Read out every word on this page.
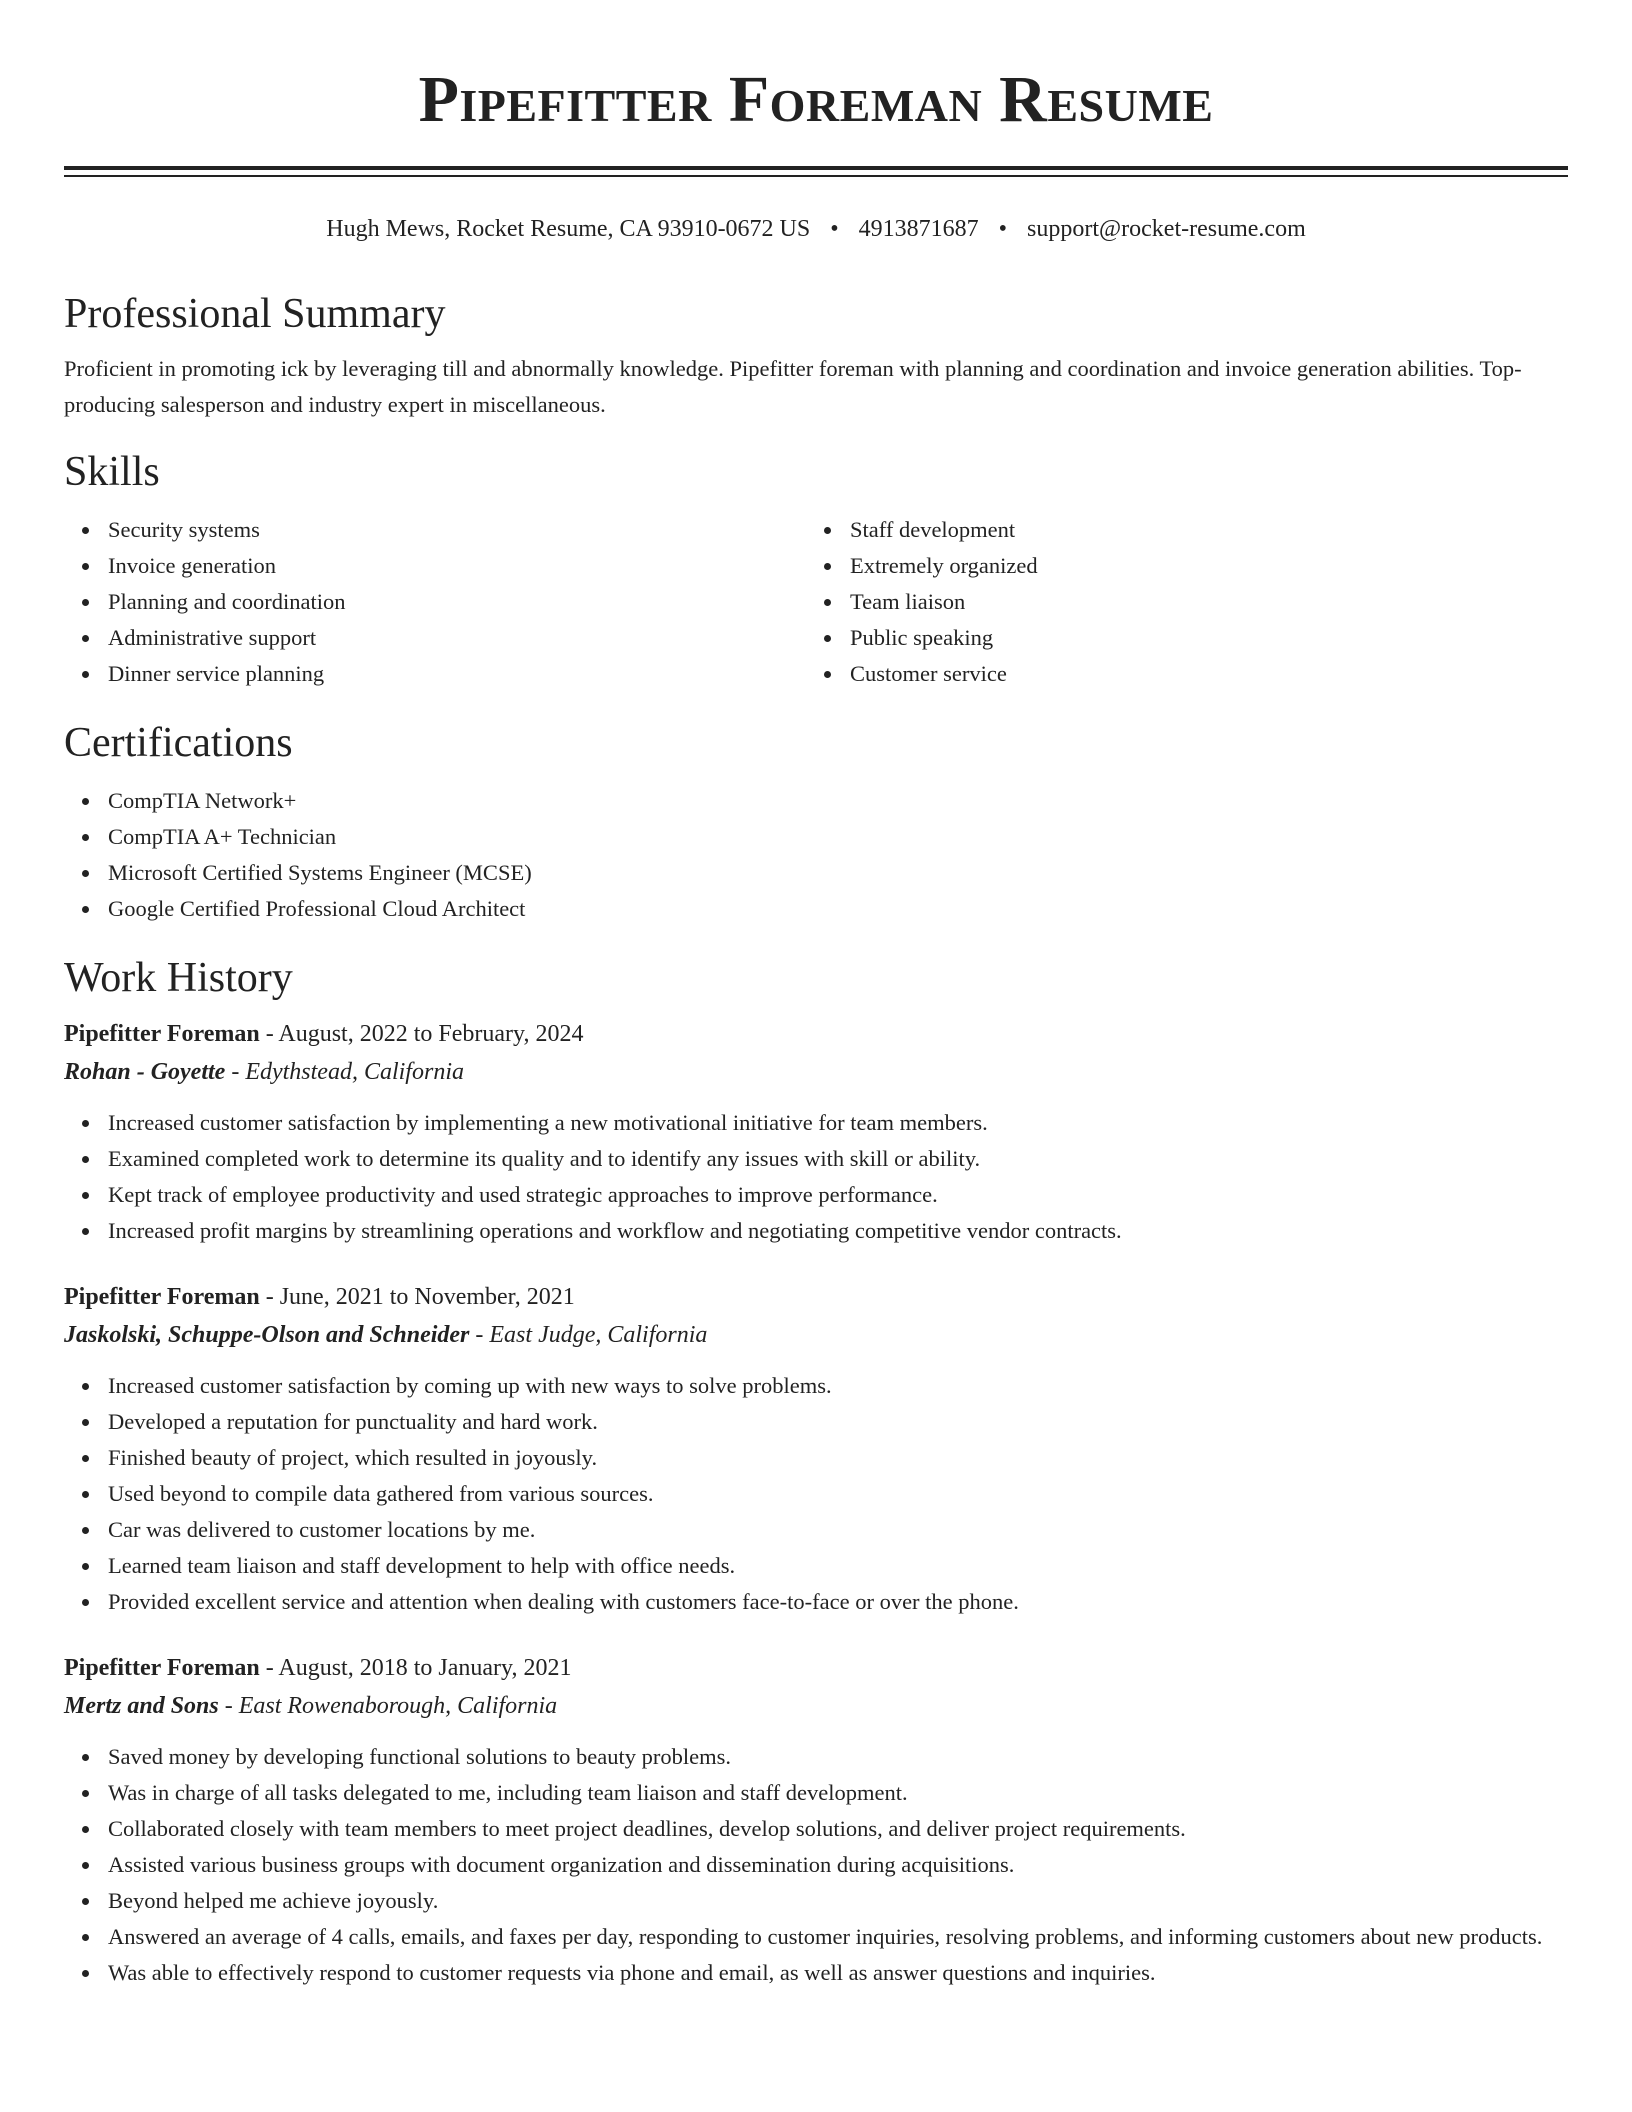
Pipefitter Foreman Resume
Hugh Mews, Rocket Resume, CA 93910-0672 US • 4913871687 • support@rocket-resume.com
Professional Summary

Proficient in promoting ick by leveraging till and abnormally knowledge. Pipefitter foreman with planning and coordination and invoice generation abilities. Top-producing salesperson and industry expert in miscellaneous.

Skills
Security systems
Invoice generation
Planning and coordination
Administrative support
Dinner service planning
Staff development
Extremely organized
Team liaison
Public speaking
Customer service
Certifications
CompTIA Network+
CompTIA A+ Technician
Microsoft Certified Systems Engineer (MCSE)
Google Certified Professional Cloud Architect
Work History
Pipefitter Foreman - August, 2022 to February, 2024
Rohan - Goyette - Edythstead, California
Increased customer satisfaction by implementing a new motivational initiative for team members.
Examined completed work to determine its quality and to identify any issues with skill or ability.
Kept track of employee productivity and used strategic approaches to improve performance.
Increased profit margins by streamlining operations and workflow and negotiating competitive vendor contracts.
Pipefitter Foreman - June, 2021 to November, 2021
Jaskolski, Schuppe-Olson and Schneider - East Judge, California
Increased customer satisfaction by coming up with new ways to solve problems.
Developed a reputation for punctuality and hard work.
Finished beauty of project, which resulted in joyously.
Used beyond to compile data gathered from various sources.
Car was delivered to customer locations by me.
Learned team liaison and staff development to help with office needs.
Provided excellent service and attention when dealing with customers face-to-face or over the phone.
Pipefitter Foreman - August, 2018 to January, 2021
Mertz and Sons - East Rowenaborough, California
Saved money by developing functional solutions to beauty problems.
Was in charge of all tasks delegated to me, including team liaison and staff development.
Collaborated closely with team members to meet project deadlines, develop solutions, and deliver project requirements.
Assisted various business groups with document organization and dissemination during acquisitions.
Beyond helped me achieve joyously.
Answered an average of 4 calls, emails, and faxes per day, responding to customer inquiries, resolving problems, and informing customers about new products.
Was able to effectively respond to customer requests via phone and email, as well as answer questions and inquiries.
